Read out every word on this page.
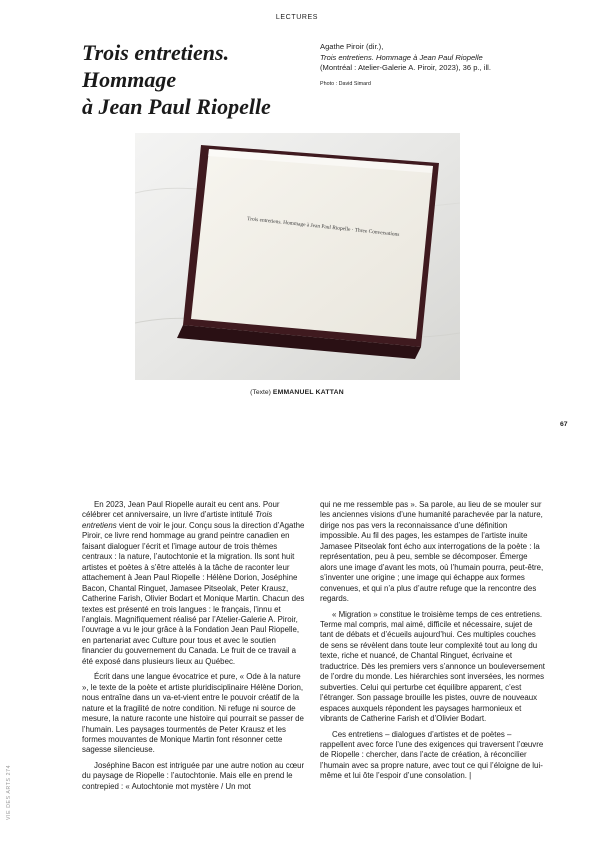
LECTURES
Trois entretiens. Hommage
à Jean Paul Riopelle
Agathe Piroir (dir.),
Trois entretiens. Hommage à Jean Paul Riopelle
(Montréal : Atelier-Galerie A. Piroir, 2023), 36 p., ill.
Photo : David Simard
Trois entretiens. Hommage à Jean Paul Riopelle · Three Conversations
(Texte) EMMANUEL KATTAN
67
VIE DES ARTS 274

En 2023, Jean Paul Riopelle aurait eu cent ans. Pour célébrer cet anniversaire, un livre d’artiste intitulé Trois entretiens vient de voir le jour. Conçu sous la direction d’Agathe Piroir, ce livre rend hommage au grand peintre canadien en faisant dialoguer l’écrit et l’image autour de trois thèmes centraux : la nature, l’autochtonie et la migration. Ils sont huit artistes et poètes à s’être attelés à la tâche de raconter leur attachement à Jean Paul Riopelle : Hélène Dorion, Joséphine Bacon, Chantal Ringuet, Jamasee Pitseolak, Peter Krausz, Catherine Farish, Olivier Bodart et Monique Martin. Chacun des textes est présenté en trois langues : le français, l’innu et l’anglais. Magnifiquement réalisé par l’Atelier-Galerie A. Piroir, l’ouvrage a vu le jour grâce à la Fondation Jean Paul Riopelle, en partenariat avec Culture pour tous et avec le soutien financier du gouvernement du Canada. Le fruit de ce travail a été exposé dans plusieurs lieux au Québec.

Écrit dans une langue évocatrice et pure, « Ode à la nature », le texte de la poète et artiste pluridisciplinaire Hélène Dorion, nous entraîne dans un va-et-vient entre le pouvoir créatif de la nature et la fragilité de notre condition. Ni refuge ni source de mesure, la nature raconte une histoire qui pourrait se passer de l’humain. Les paysages tourmentés de Peter Krausz et les formes mouvantes de Monique Martin font résonner cette sagesse silencieuse.

Joséphine Bacon est intriguée par une autre notion au cœur du paysage de Riopelle : l’autochtonie. Mais elle en prend le contrepied : « Autochtonie mot mystère / Un mot

qui ne me ressemble pas ». Sa parole, au lieu de se mouler sur les anciennes visions d’une humanité parachevée par la nature, dirige nos pas vers la reconnaissance d’une définition impossible. Au fil des pages, les estampes de l’artiste inuite Jamasee Pitseolak font écho aux interrogations de la poète : la représentation, peu à peu, semble se décomposer. Émerge alors une image d’avant les mots, où l’humain pourra, peut-être, s’inventer une origine ; une image qui échappe aux formes convenues, et qui n’a plus d’autre refuge que la rencontre des regards.

« Migration » constitue le troisième temps de ces entretiens. Terme mal compris, mal aimé, difficile et nécessaire, sujet de tant de débats et d’écueils aujourd’hui. Ces multiples couches de sens se révèlent dans toute leur complexité tout au long du texte, riche et nuancé, de Chantal Ringuet, écrivaine et traductrice. Dès les premiers vers s’annonce un bouleversement de l’ordre du monde. Les hiérarchies sont inversées, les normes subverties. Celui qui perturbe cet équilibre apparent, c’est l’étranger. Son passage brouille les pistes, ouvre de nouveaux espaces auxquels répondent les paysages harmonieux et vibrants de Catherine Farish et d’Olivier Bodart.

Ces entretiens – dialogues d’artistes et de poètes – rappellent avec force l’une des exigences qui traversent l’œuvre de Riopelle : chercher, dans l’acte de création, à réconcilier l’humain avec sa propre nature, avec tout ce qui l’éloigne de lui-même et lui ôte l’espoir d’une consolation. |
